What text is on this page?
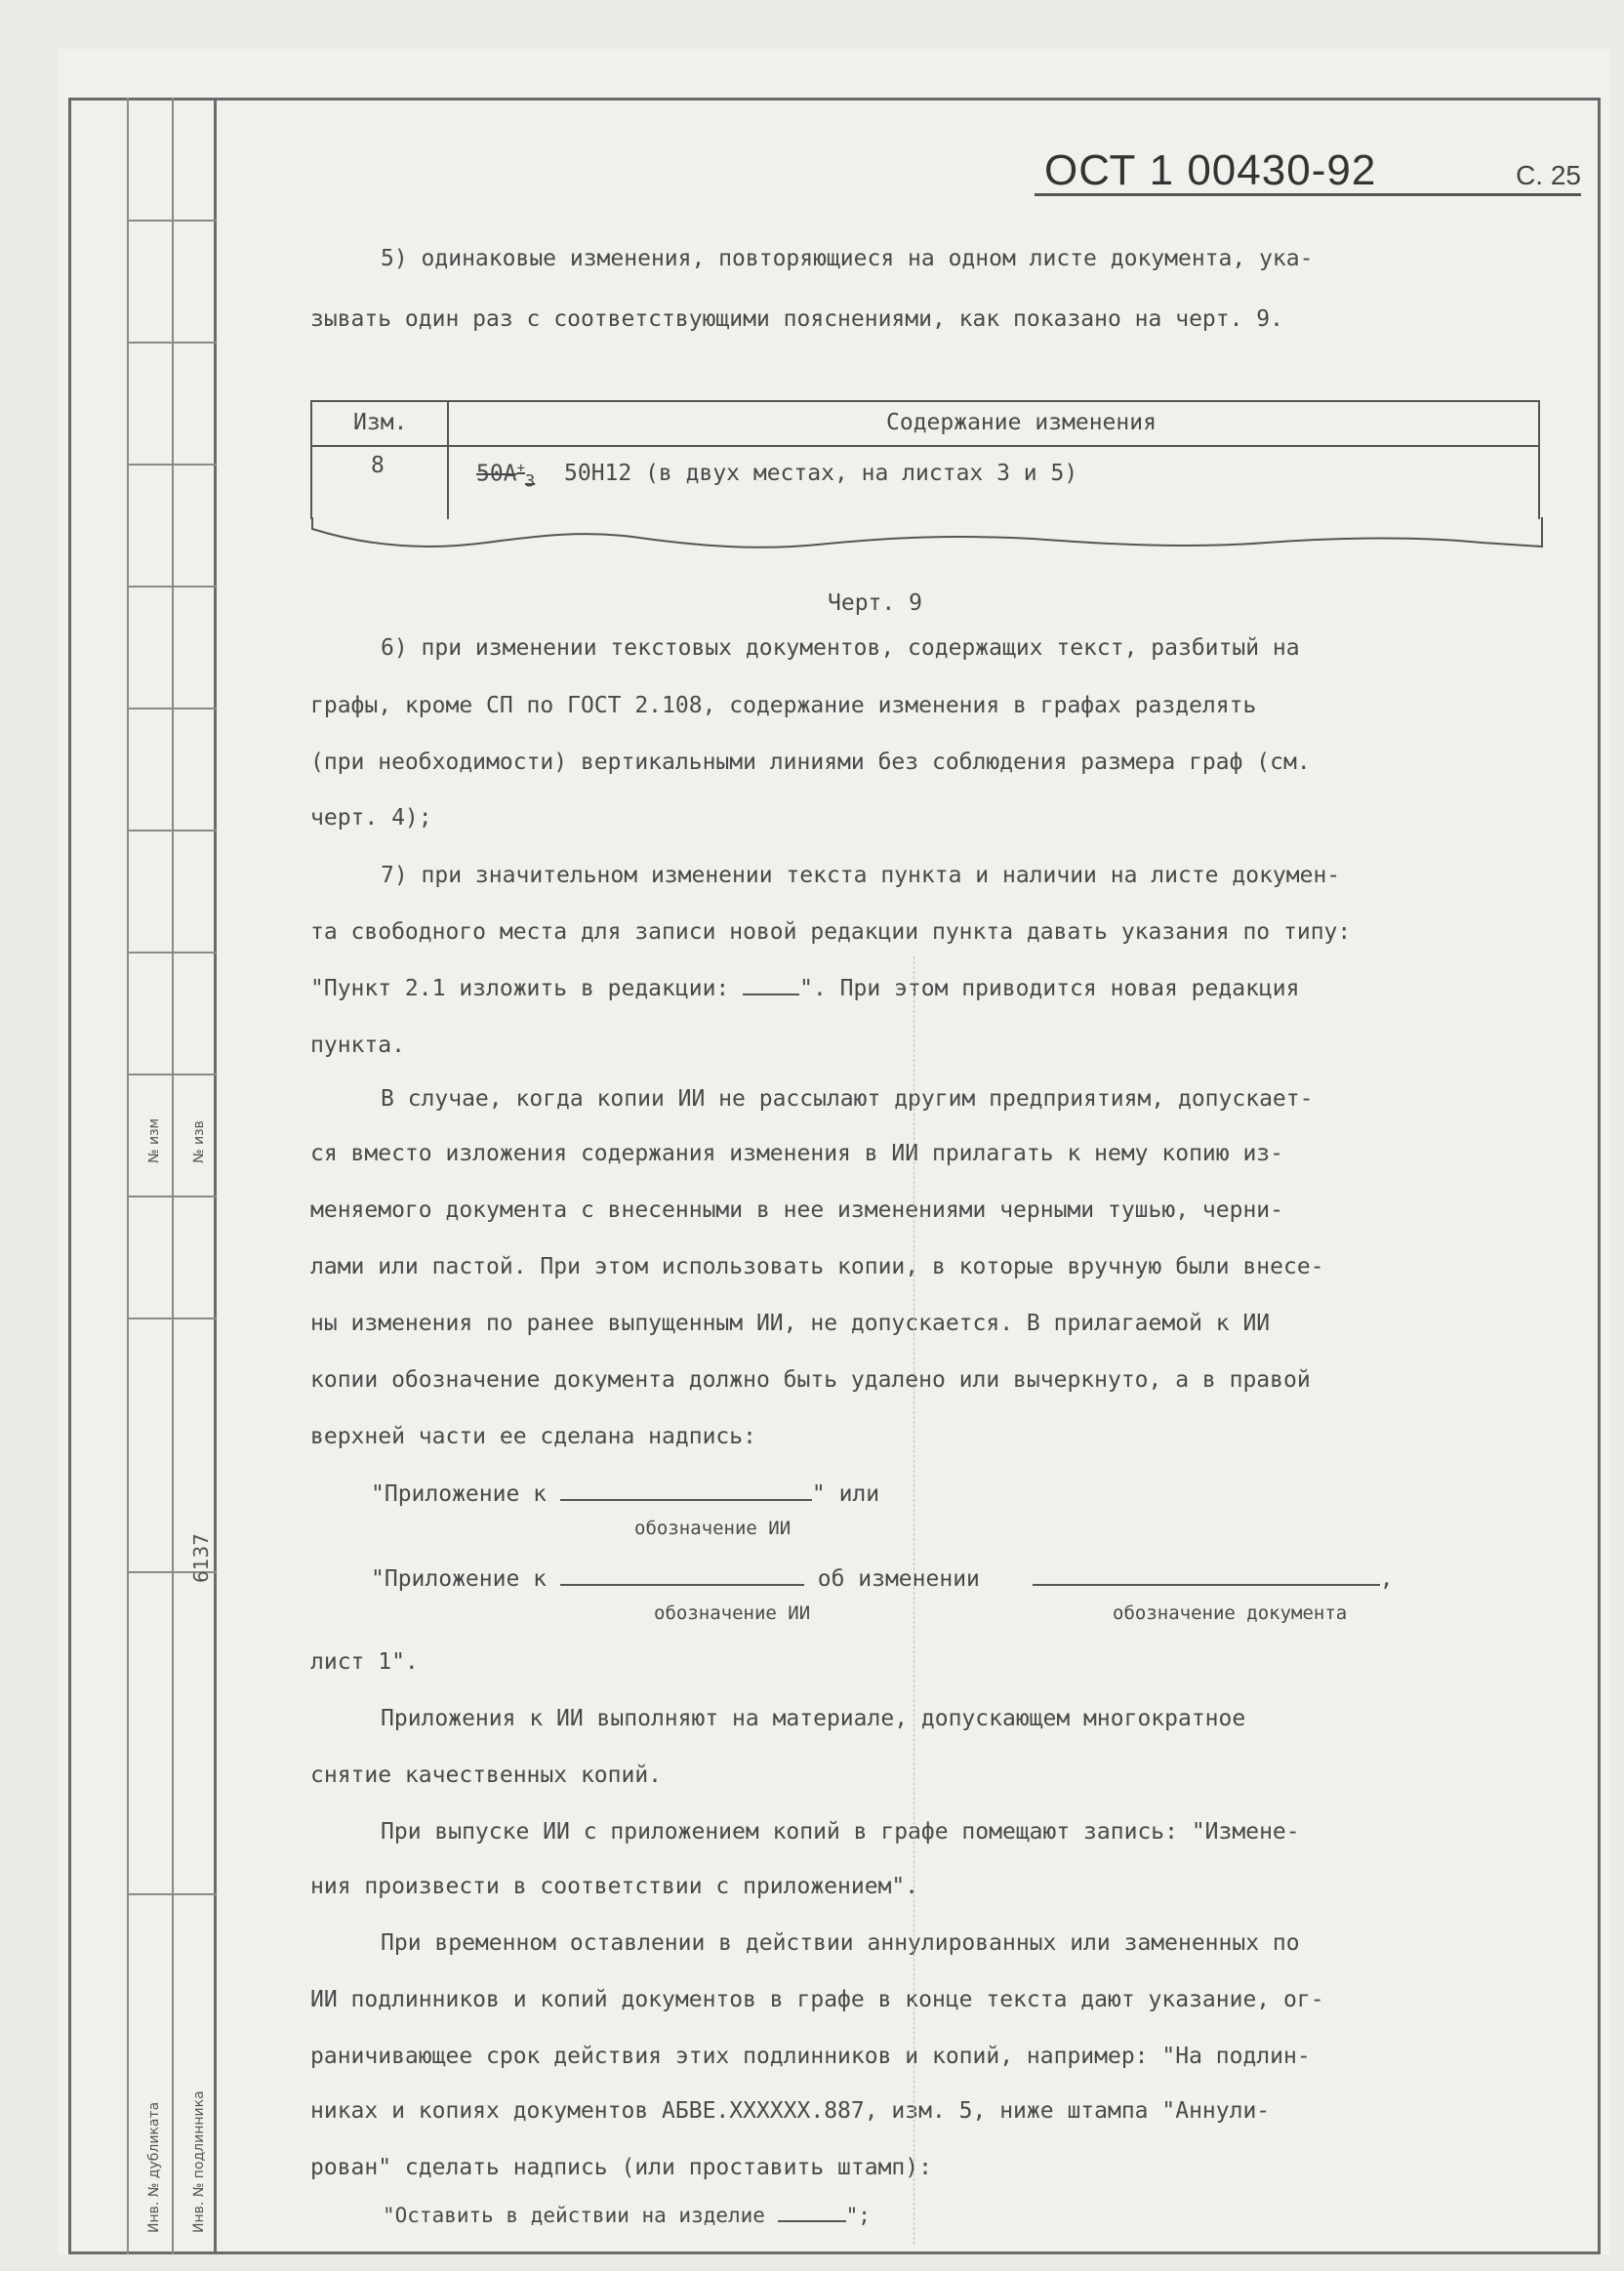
№ изм № изв
6137
Инв. № дубликата Инв. № подлинника
ОСТ 1 00430-92	С. 25
5) одинаковые изменения, повторяющиеся на одном листе документа, ука-
зывать один раз с соответствующими пояснениями, как показано на черт. 9.
Изм.	Содержание изменения
8	$50А^+_3$ 50Н12 (в двух местах, на листах 3 и 5)
Черт. 9
6) при изменении текстовых документов, содержащих текст, разбитый на
графы, кроме СП по ГОСТ 2.108, содержание изменения в графах разделять
(при необходимости) вертикальными линиями без соблюдения размера граф (см.
черт. 4);
7) при значительном изменении текста пункта и наличии на листе докумен-
та свободного места для записи новой редакции пункта давать указания по типу:
"Пункт 2.1 изложить в редакции:	". При этом приводится новая редакция
пункта.
В случае, когда копии ИИ не рассылают другим предприятиям, допускает-
ся вместо изложения содержания изменения в ИИ прилагать к нему копию из-
меняемого документа с внесенными в нее изменениями черными тушью, черни-
лами или пастой. При этом использовать копии, в которые вручную были внесе-
ны изменения по ранее выпущенным ИИ, не допускается. В прилагаемой к ИИ
копии обозначение документа должно быть удалено или вычеркнуто, а в правой
верхней части ее сделана надпись:
"Приложение к	" или
обозначение ИИ
"Приложение к	об изменении	,
обозначение ИИ	обозначение документа
лист 1".
Приложения к ИИ выполняют на материале, допускающем многократное
снятие качественных копий.
При выпуске ИИ с приложением копий в графе помещают запись: "Измене-
ния произвести в соответствии с приложением".
При временном оставлении в действии аннулированных или замененных по
ИИ подлинников и копий документов в графе в конце текста дают указание, ог-
раничивающее срок действия этих подлинников и копий, например: "На подлин-
никах и копиях документов АБВЕ.XXXXXX.887, изм. 5, ниже штампа "Аннули-
рован" сделать надпись (или проставить штамп):
"Оставить в действии на изделие	";
